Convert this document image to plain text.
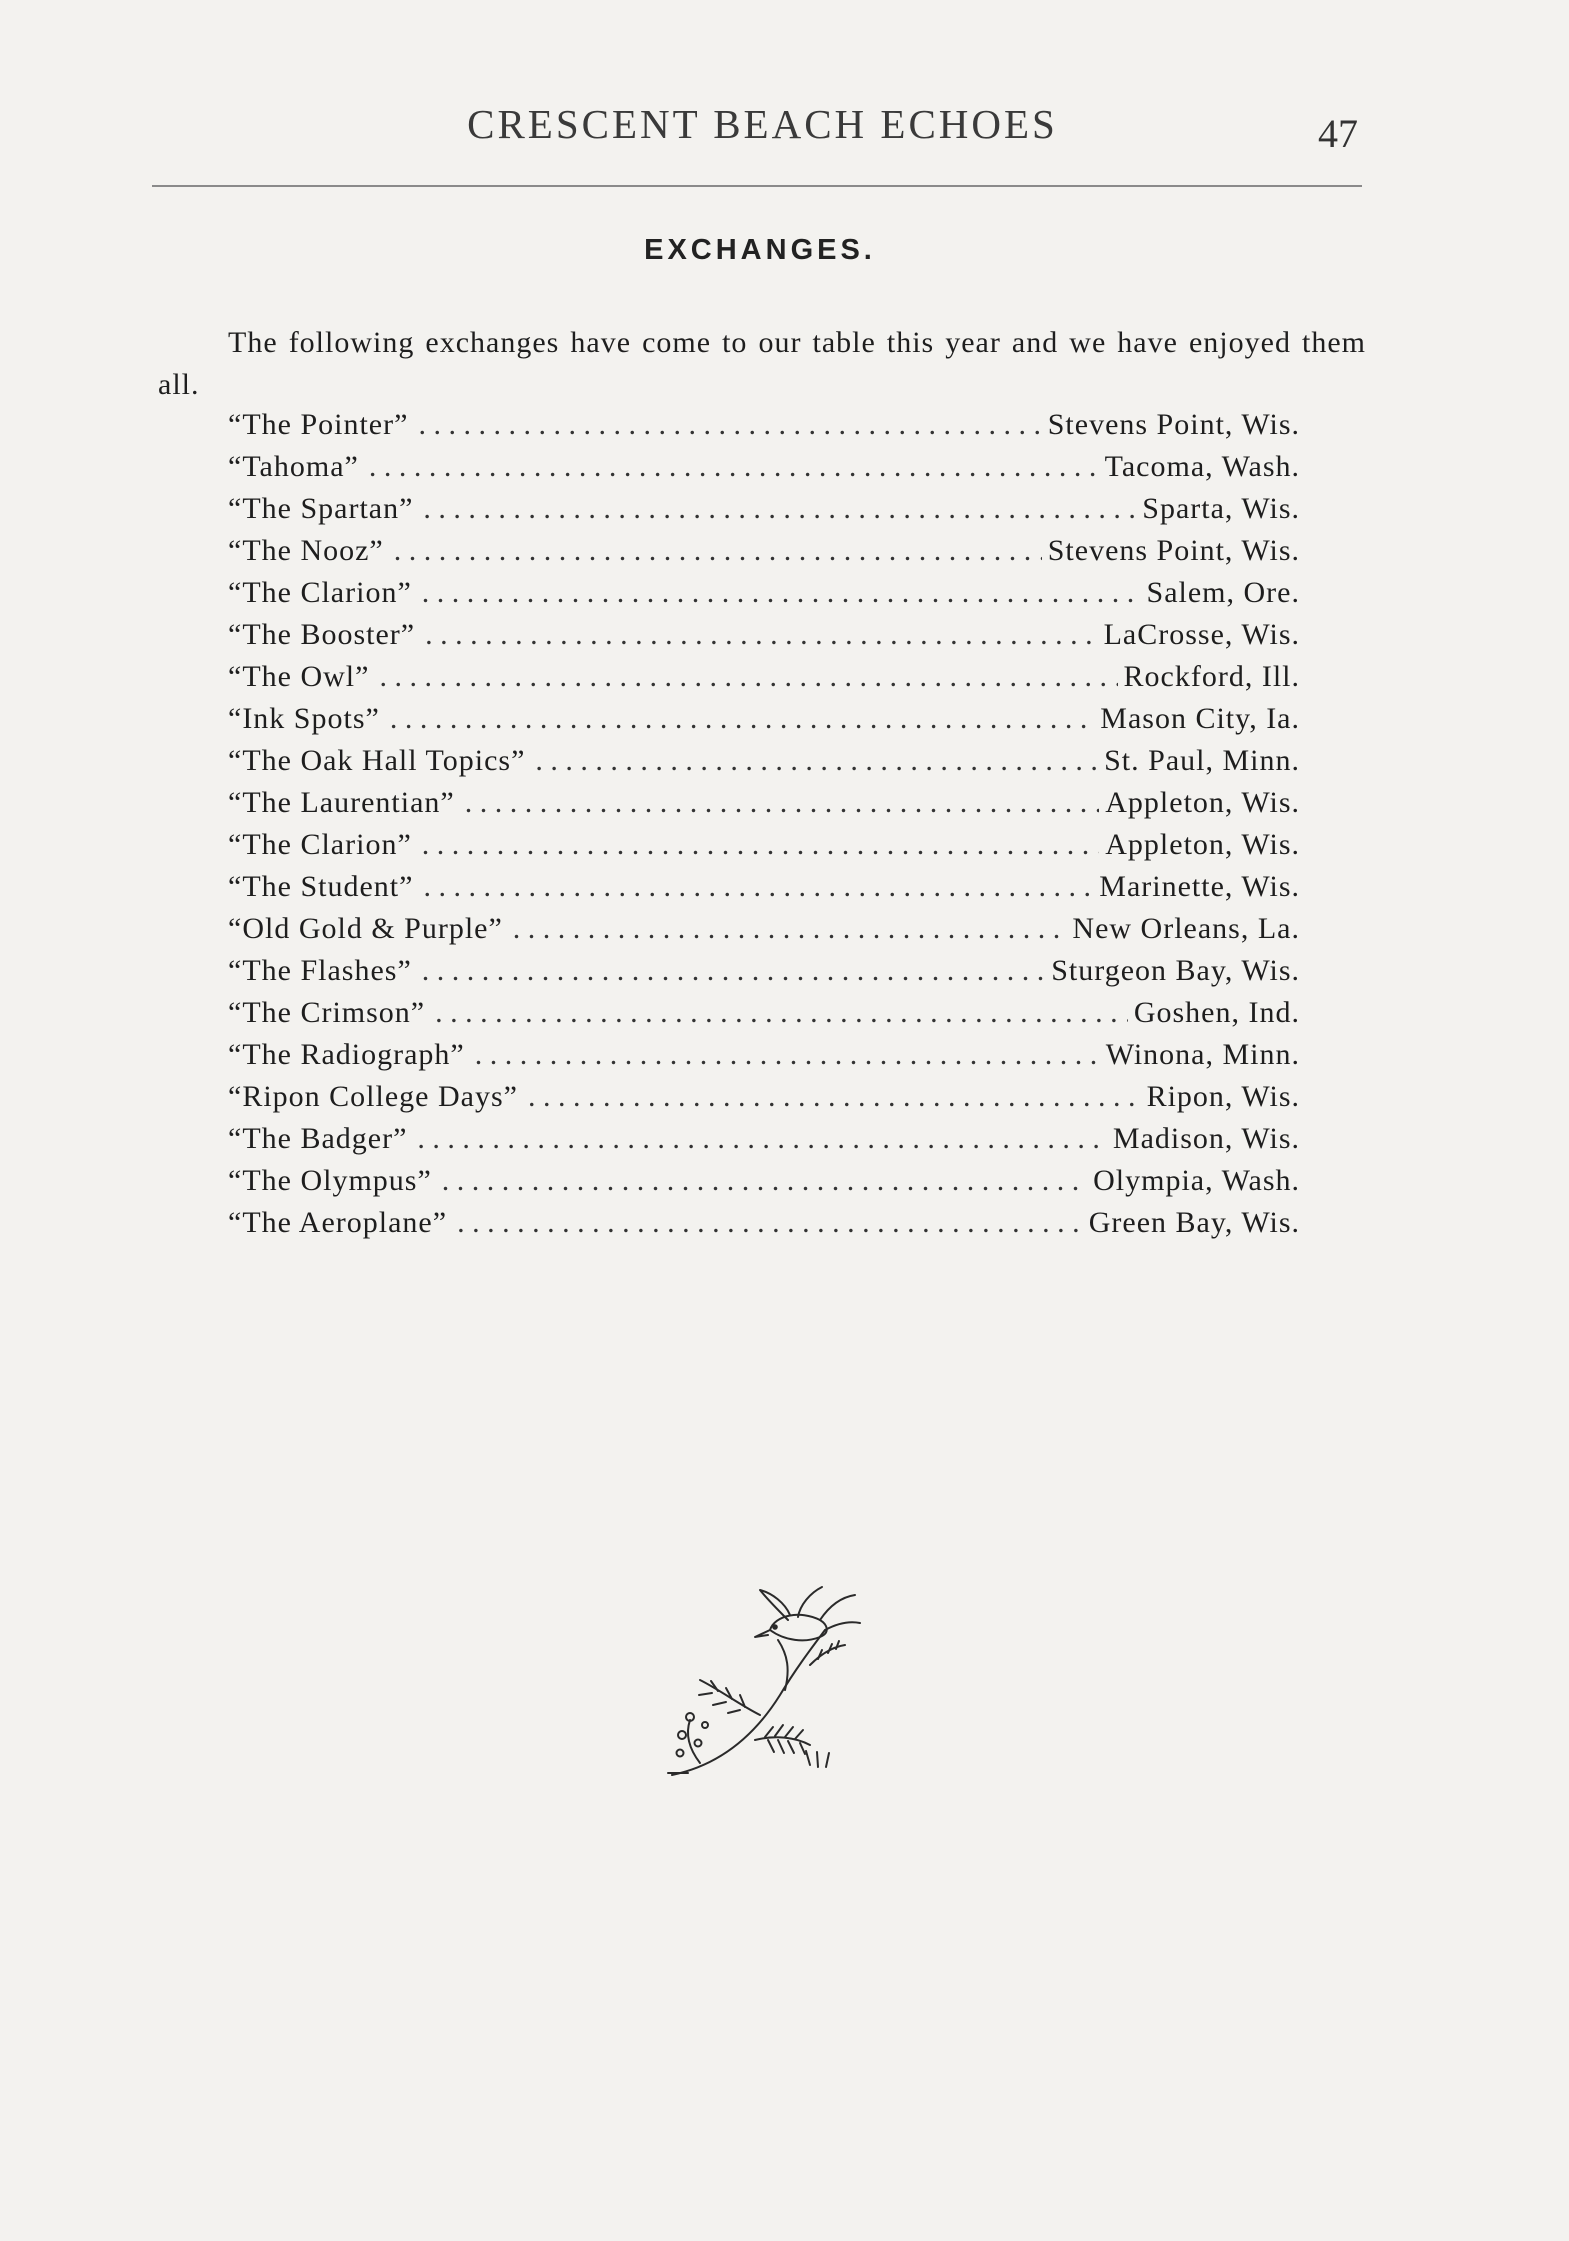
CRESCENT BEACH ECHOES	47
EXCHANGES.

The following exchanges have come to our table this year and we have enjoyed them all.

“The Pointer” . . .	Stevens Point, Wis.
“Tahoma” . . .	Tacoma, Wash.
“The Spartan” . . .	Sparta, Wis.
“The Nooz” . . .	Stevens Point, Wis.
“The Clarion” . . .	Salem, Ore.
“The Booster” . . .	LaCrosse, Wis.
“The Owl” . . .	Rockford, Ill.
“Ink Spots” . . .	Mason City, Ia.
“The Oak Hall Topics” . . .	St. Paul, Minn.
“The Laurentian” . . .	Appleton, Wis.
“The Clarion” . . .	Appleton, Wis.
“The Student” . . .	Marinette, Wis.
“Old Gold & Purple” . . .	New Orleans, La.
“The Flashes” . . .	Sturgeon Bay, Wis.
“The Crimson” . . .	Goshen, Ind.
“The Radiograph” . . .	Winona, Minn.
“Ripon College Days” . . .	Ripon, Wis.
“The Badger” . . .	Madison, Wis.
“The Olympus” . . .	Olympia, Wash.
“The Aeroplane” . . .	Green Bay, Wis.
